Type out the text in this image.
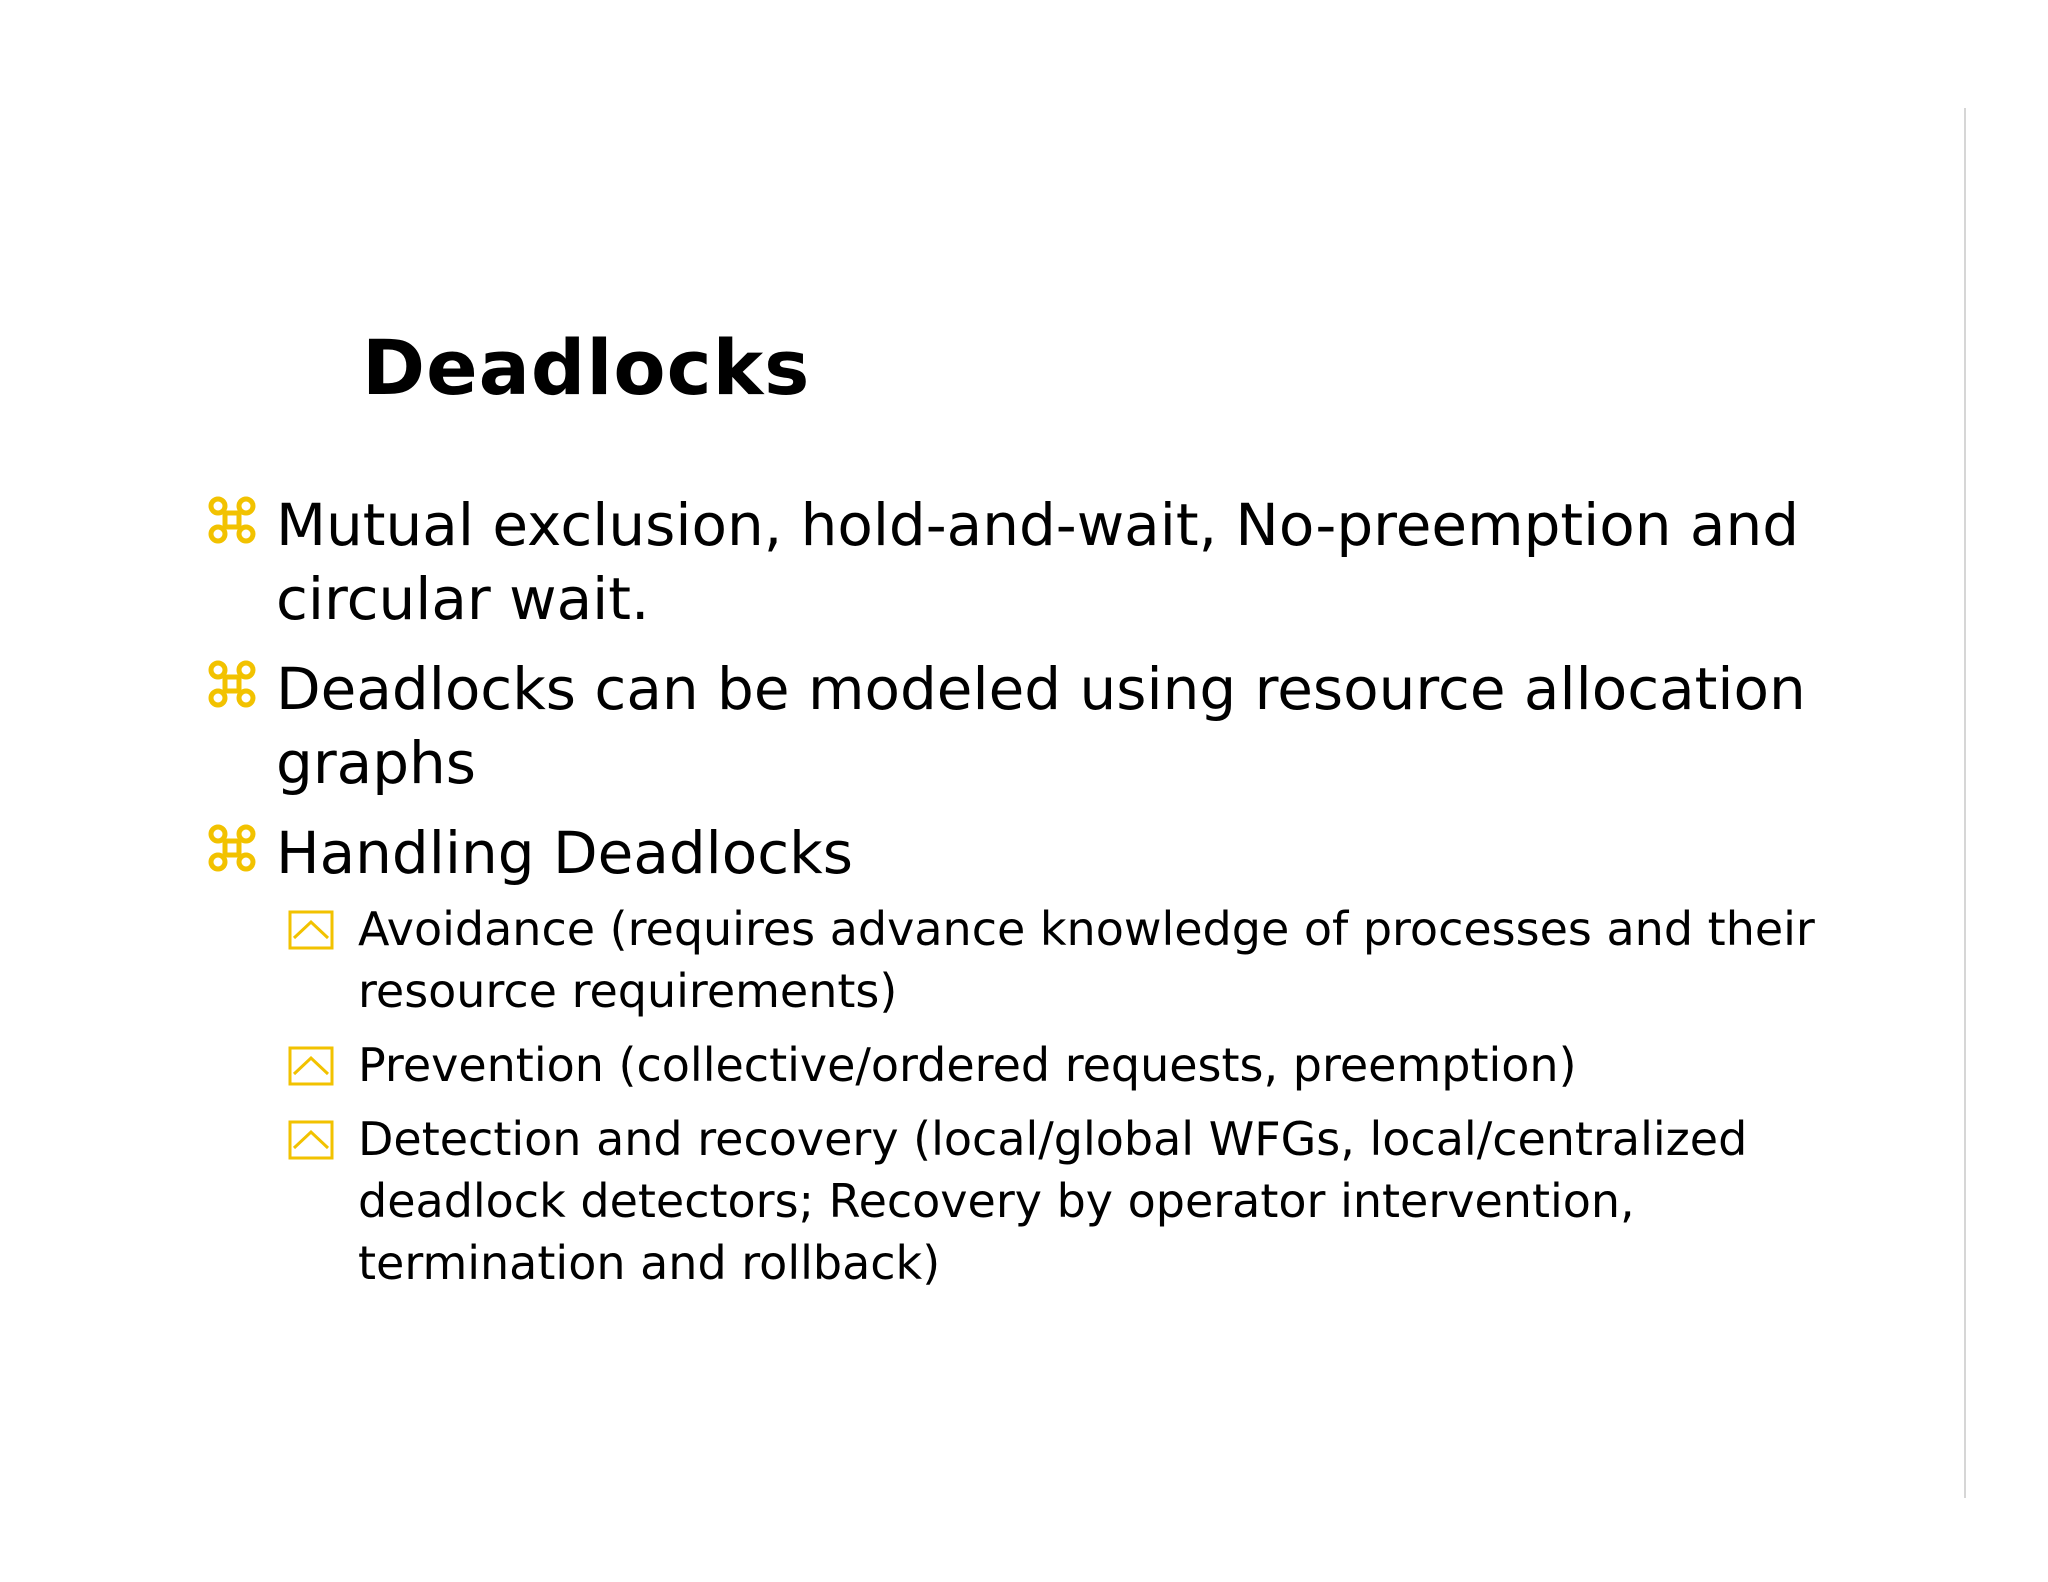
Deadlocks
Mutual exclusion, hold-and-wait, No-preemption and circular wait.
Deadlocks can be modeled using resource allocation graphs
Handling Deadlocks
Avoidance (requires advance knowledge of processes and their resource requirements)
Prevention (collective/ordered requests, preemption)
Detection and recovery (local/global WFGs, local/centralized deadlock detectors; Recovery by operator intervention, termination and rollback)
